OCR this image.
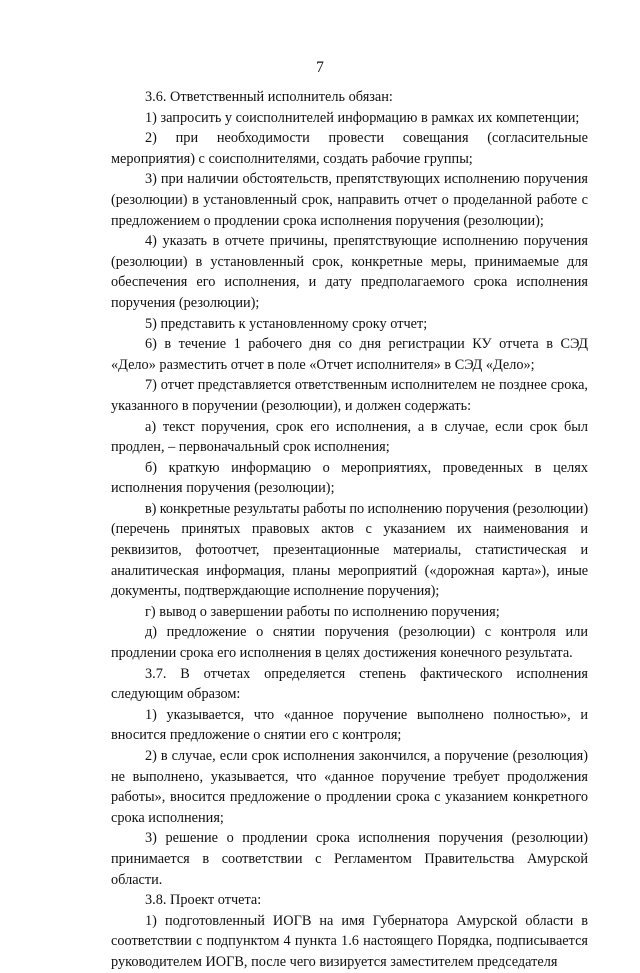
7

3.6. Ответственный исполнитель обязан:

1) запросить у соисполнителей информацию в рамках их компетенции;

2) при необходимости провести совещания (согласительные мероприятия) с соисполнителями, создать рабочие группы;

3) при наличии обстоятельств, препятствующих исполнению поручения (резолюции) в установленный срок, направить отчет о проделанной работе с предложением о продлении срока исполнения поручения (резолюции);

4) указать в отчете причины, препятствующие исполнению поручения (резолюции) в установленный срок, конкретные меры, принимаемые для обеспечения его исполнения, и дату предполагаемого срока исполнения поручения (резолюции);

5) представить к установленному сроку отчет;

6) в течение 1 рабочего дня со дня регистрации КУ отчета в СЭД «Дело» разместить отчет в поле «Отчет исполнителя» в СЭД «Дело»;

7) отчет представляется ответственным исполнителем не позднее срока, указанного в поручении (резолюции), и должен содержать:

а) текст поручения, срок его исполнения, а в случае, если срок был продлен, – первоначальный срок исполнения;

б) краткую информацию о мероприятиях, проведенных в целях исполнения поручения (резолюции);

в) конкретные результаты работы по исполнению поручения (резолюции) (перечень принятых правовых актов с указанием их наименования и реквизитов, фотоотчет, презентационные материалы, статистическая и аналитическая информация, планы мероприятий («дорожная карта»), иные документы, подтверждающие исполнение поручения);

г) вывод о завершении работы по исполнению поручения;

д) предложение о снятии поручения (резолюции) с контроля или продлении срока его исполнения в целях достижения конечного результата.

3.7. В отчетах определяется степень фактического исполнения следующим образом:

1) указывается, что «данное поручение выполнено полностью», и вносится предложение о снятии его с контроля;

2) в случае, если срок исполнения закончился, а поручение (резолюция) не выполнено, указывается, что «данное поручение требует продолжения работы», вносится предложение о продлении срока с указанием конкретного срока исполнения;

3) решение о продлении срока исполнения поручения (резолюции) принимается в соответствии с Регламентом Правительства Амурской области.

3.8. Проект отчета:

1) подготовленный ИОГВ на имя Губернатора Амурской области в соответствии с подпунктом 4 пункта 1.6 настоящего Порядка, подписывается руководителем ИОГВ, после чего визируется заместителем председателя
